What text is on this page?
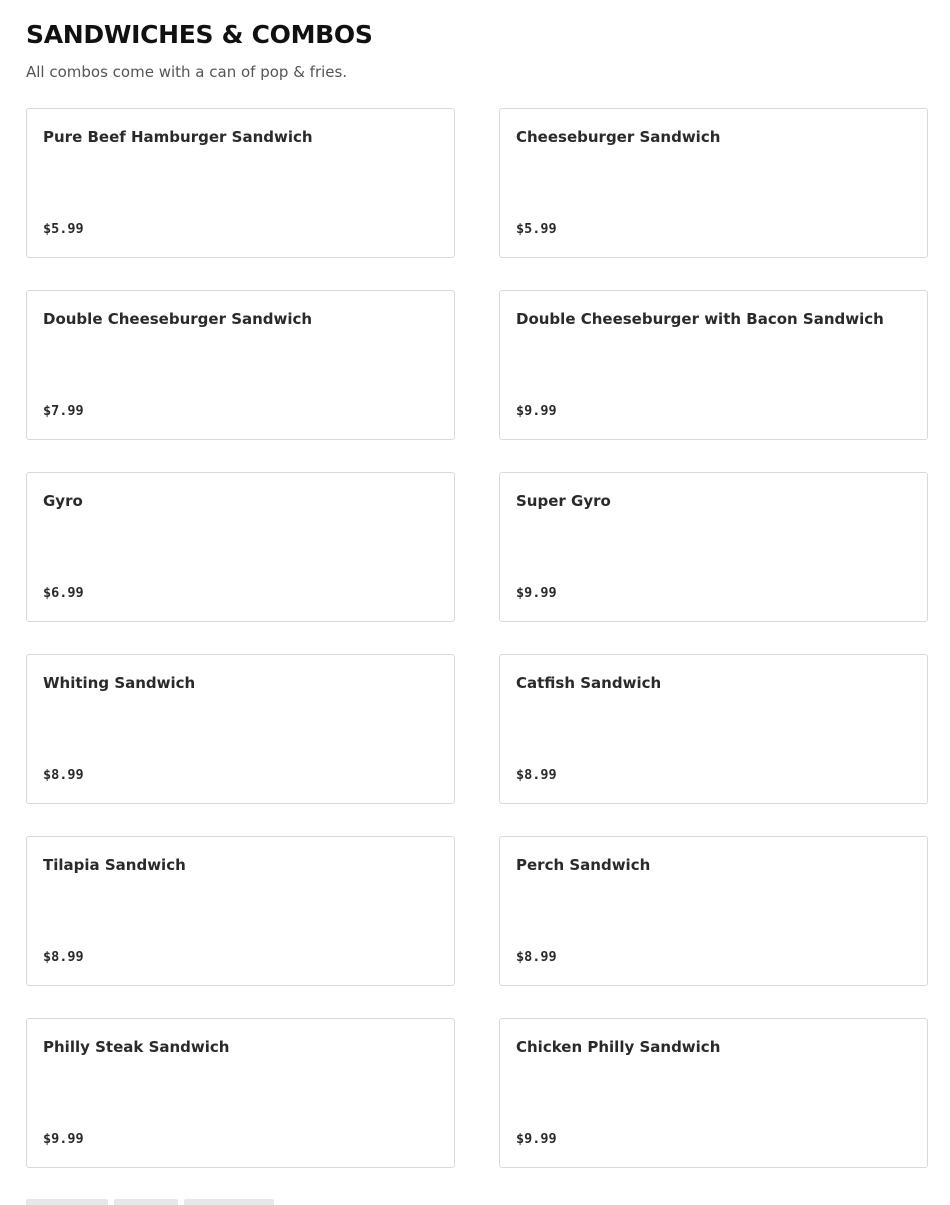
SANDWICHES & COMBOS

All combos come with a can of pop & fries.

Pure Beef Hamburger Sandwich
$5.99
Cheeseburger Sandwich
$5.99
Double Cheeseburger Sandwich
$7.99
Double Cheeseburger with Bacon Sandwich
$9.99
Gyro
$6.99
Super Gyro
$9.99
Whiting Sandwich
$8.99
Catfish Sandwich
$8.99
Tilapia Sandwich
$8.99
Perch Sandwich
$8.99
Philly Steak Sandwich
$9.99
Chicken Philly Sandwich
$9.99
